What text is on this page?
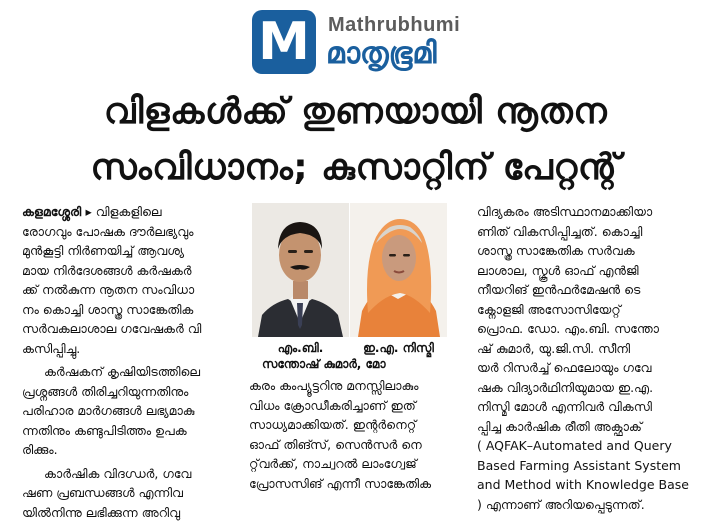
M Mathrubhumi
മാതൃഭൂമി
വിളകൾക്ക് തുണയായി നൂതന
സംവിധാനം; കുസാറ്റിന് പേറ്റന്റ്

കളമശ്ശേരി ▸ വിളകളിലെ

രോഗവും പോഷക ദൗർലഭ്യവും

മുൻകൂട്ടി നിർണയിച്ച് ആവശ്യ

മായ നിർദേശങ്ങൾ കർഷകർ

ക്ക് നൽകുന്ന നൂതന സംവിധാ

നം കൊച്ചി ശാസ്ത്ര സാങ്കേതിക

സർവകലാശാല ഗവേഷകർ വി

കസിപ്പിച്ചു.

കർഷകന് കൃഷിയിടത്തിലെ

പ്രശ്നങ്ങൾ തിരിച്ചറിയുന്നതിനും

പരിഹാര മാർഗങ്ങൾ ലഭ്യമാകു

ന്നതിനും കണ്ടുപിടിത്തം ഉപക

രിക്കും.

കാർഷിക വിദഗ്ധർ, ഗവേ

ഷണ പ്രബന്ധങ്ങൾ എന്നിവ

യിൽനിന്നു ലഭിക്കുന്ന അറിവു

എം.ബി.	ഇ.എ. നിസ്മി
സന്തോഷ് കുമാർ, മോ

കരം കംപ്യൂട്ടറിനു മനസ്സിലാകും

വിധം ക്രോഡീകരിച്ചാണ് ഇത്

സാധ്യമാക്കിയത്. ഇന്റർനെറ്റ്

ഓഫ് തിങ്സ്, സെൻസർ നെ

റ്റ്‌വർക്ക്, നാച്വറൽ ലാംഗ്വേജ്

പ്രോസസിങ് എന്നീ സാങ്കേതിക

വിദ്യകരം അടിസ്ഥാനമാക്കിയാ

ണിത് വികസിപ്പിച്ചത്. കൊച്ചി

ശാസ്ത്ര സാങ്കേതിക സർവക

ലാശാല, സ്കൂൾ ഓഫ് എൻജി

നീയറിങ് ഇൻഫർമേഷൻ ടെ

ക്നോളജി അസോസിയേറ്റ്

പ്രൊഫ. ഡോ. എം.ബി. സന്തോ

ഷ് കുമാർ, യു.ജി.സി. സീനി

യർ റിസർച്ച് ഫെലോയും ഗവേ

ഷക വിദ്യാർഥിനിയുമായ ഇ.എ.

നിസ്മി മോൾ എന്നിവർ വികസി

പ്പിച്ച കാർഷിക രീതി അക്ഫാക്

( AQFAK–Automated and Query

Based Farming Assistant System

and Method with Knowledge Base

) എന്നാണ് അറിയപ്പെടുന്നത്.
